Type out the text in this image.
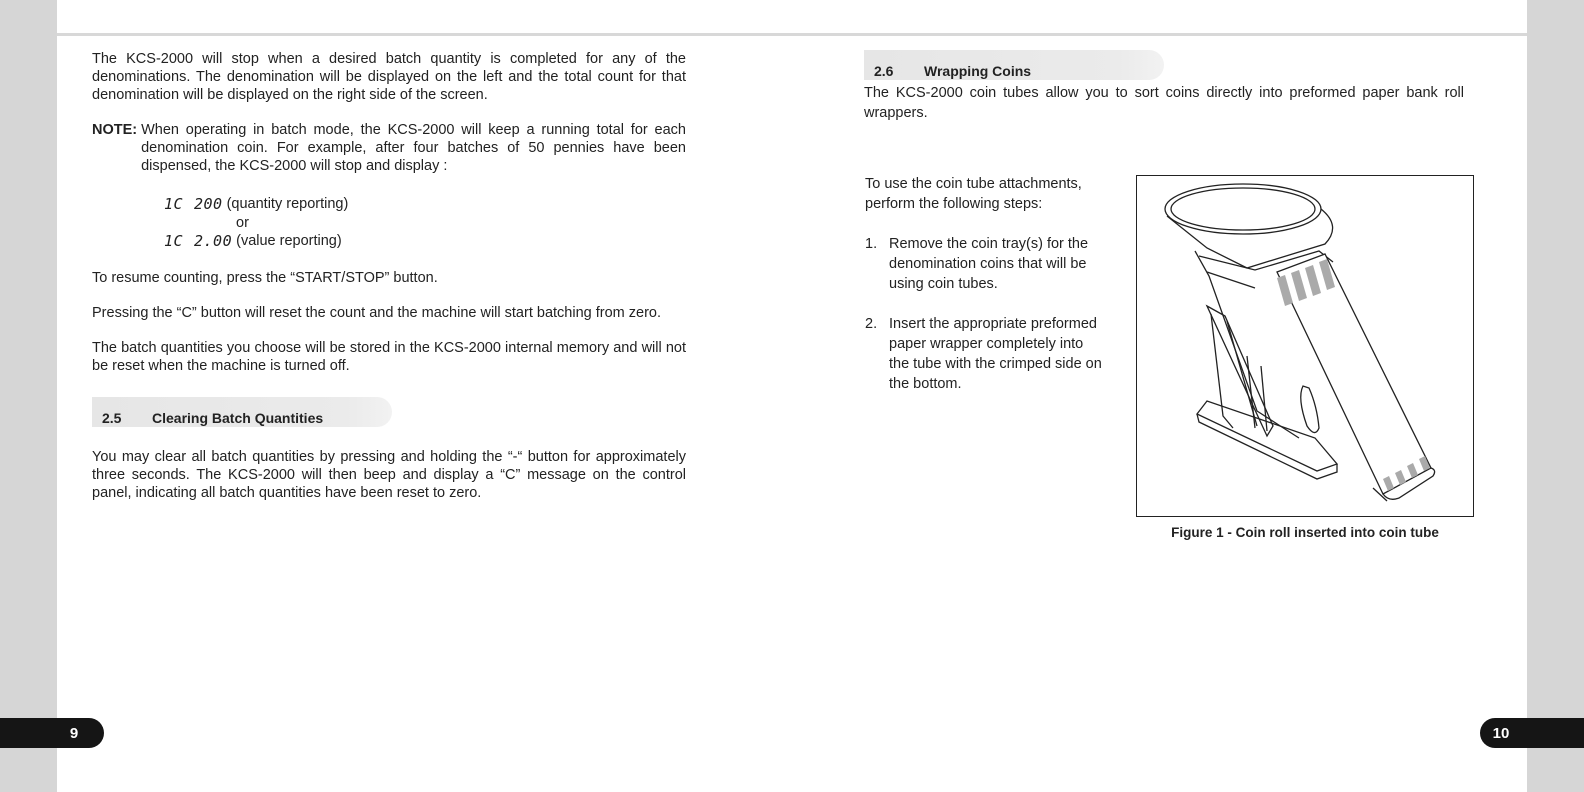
The KCS-2000 will stop when a desired batch quantity is completed for any of the denominations. The denomination will be displayed on the left and the total count for that denomination will be displayed on the right side of the screen.

NOTE: When operating in batch mode, the KCS-2000 will keep a running total for each denomination coin. For example, after four batches of 50 pennies have been dispensed, the KCS-2000 will stop and display :
1C 200 (quantity reporting)
or
1C 2.00 (value reporting)

To resume counting, press the “START/STOP” button.

Pressing the “C” button will reset the count and the machine will start batching from zero.

The batch quantities you choose will be stored in the KCS-2000 internal memory and will not be reset when the machine is turned off.

2.5 Clearing Batch Quantities

You may clear all batch quantities by pressing and holding the “-“ button for approximately three seconds. The KCS-2000 will then beep and display a “C” message on the control panel, indicating all batch quantities have been reset to zero.

2.6 Wrapping Coins

The KCS-2000 coin tubes allow you to sort coins directly into preformed paper bank roll wrappers.

To use the coin tube attachments, perform the following steps:
1. Remove the coin tray(s) for the denomination coins that will be using coin tubes.
2. Insert the appropriate preformed paper wrapper completely into the tube with the crimped side on the bottom.
Figure 1 - Coin roll inserted into coin tube
9	10
